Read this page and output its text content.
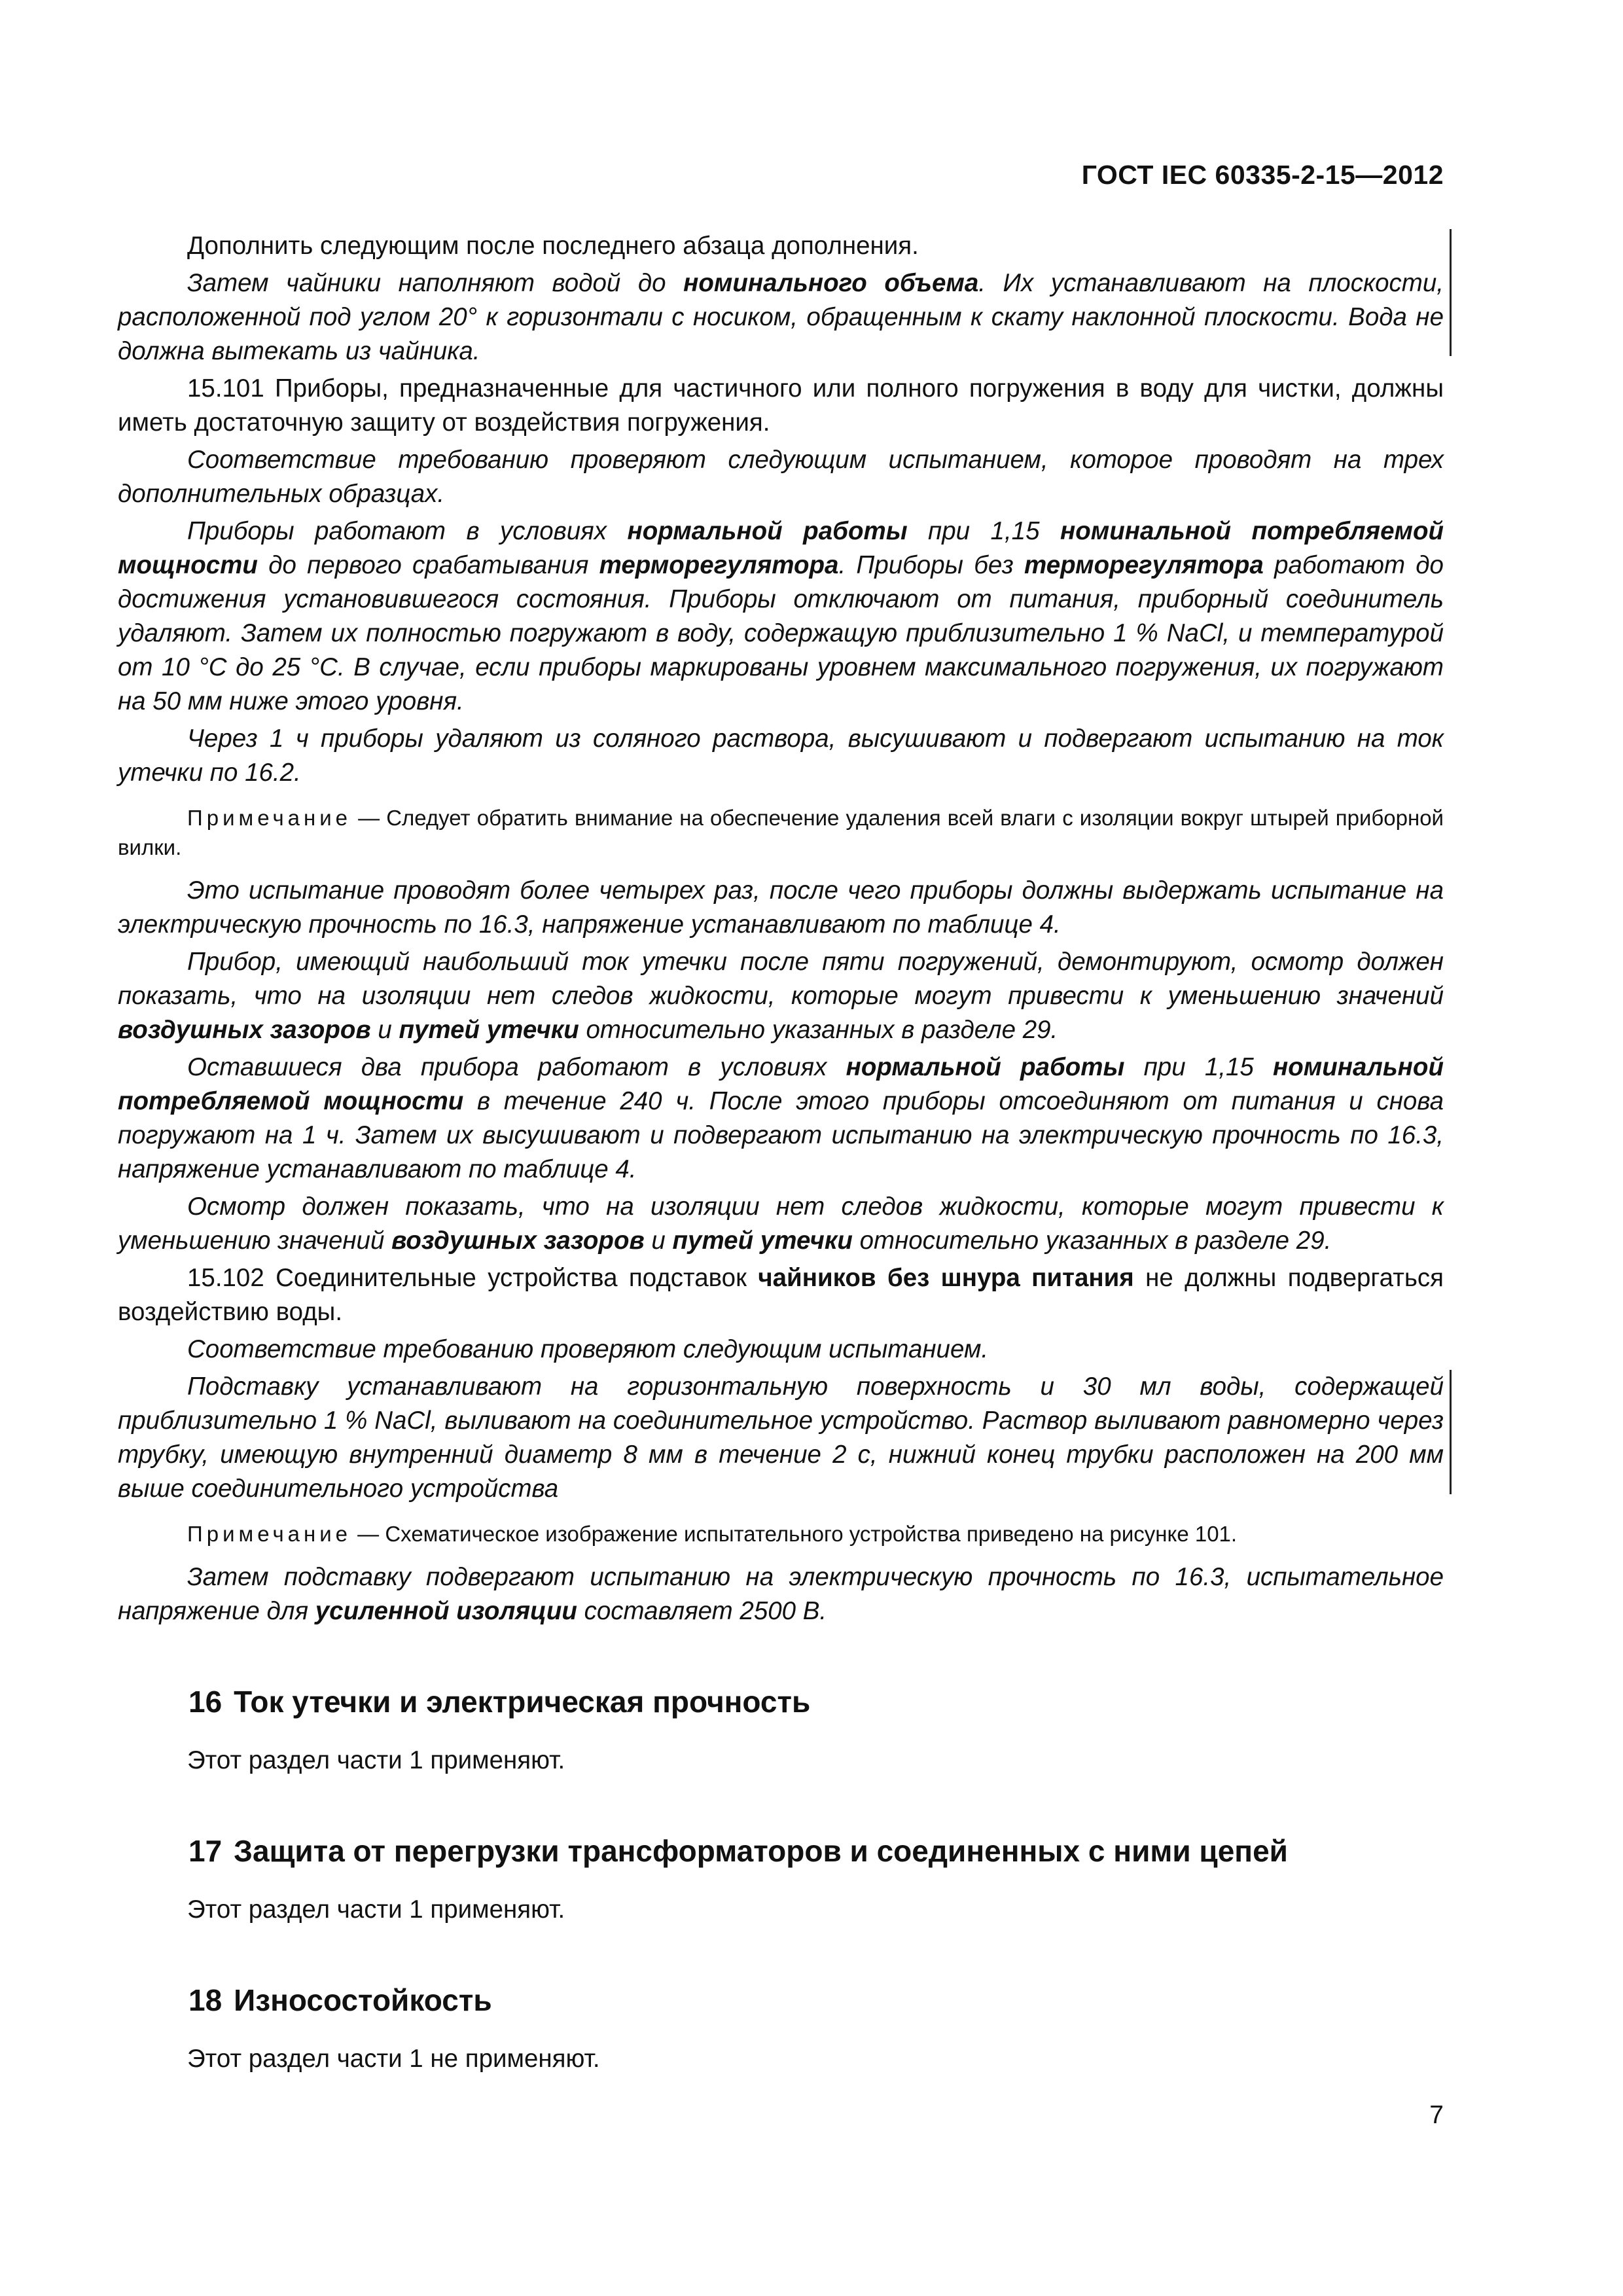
ГОСТ IEC 60335-2-15—2012

Дополнить следующим после последнего абзаца дополнения.

Затем чайники наполняют водой до номинального объема. Их устанавливают на плоскости, расположенной под углом 20° к горизонтали с носиком, обращенным к скату наклонной плоскости. Вода не должна вытекать из чайника.

15.101 Приборы, предназначенные для частичного или полного погружения в воду для чистки, должны иметь достаточную защиту от воздействия погружения.

Соответствие требованию проверяют следующим испытанием, которое проводят на трех дополнительных образцах.

Приборы работают в условиях нормальной работы при 1,15 номинальной потребляемой мощности до первого срабатывания терморегулятора. Приборы без терморегулятора работают до достижения установившегося состояния. Приборы отключают от питания, приборный соединитель удаляют. Затем их полностью погружают в воду, содержащую приблизительно 1 % NaCl, и температурой от 10 °С до 25 °С. В случае, если приборы маркированы уровнем максимального погружения, их погружают на 50 мм ниже этого уровня.

Через 1 ч приборы удаляют из соляного раствора, высушивают и подвергают испытанию на ток утечки по 16.2.

Примечание — Следует обратить внимание на обеспечение удаления всей влаги с изоляции вокруг штырей приборной вилки.

Это испытание проводят более четырех раз, после чего приборы должны выдержать испытание на электрическую прочность по 16.3, напряжение устанавливают по таблице 4.

Прибор, имеющий наибольший ток утечки после пяти погружений, демонтируют, осмотр должен показать, что на изоляции нет следов жидкости, которые могут привести к уменьшению значений воздушных зазоров и путей утечки относительно указанных в разделе 29.

Оставшиеся два прибора работают в условиях нормальной работы при 1,15 номинальной потребляемой мощности в течение 240 ч. После этого приборы отсоединяют от питания и снова погружают на 1 ч. Затем их высушивают и подвергают испытанию на электрическую прочность по 16.3, напряжение устанавливают по таблице 4.

Осмотр должен показать, что на изоляции нет следов жидкости, которые могут привести к уменьшению значений воздушных зазоров и путей утечки относительно указанных в разделе 29.

15.102 Соединительные устройства подставок чайников без шнура питания не должны подвергаться воздействию воды.

Соответствие требованию проверяют следующим испытанием.

Подставку устанавливают на горизонтальную поверхность и 30 мл воды, содержащей приблизительно 1 % NaCl, выливают на соединительное устройство. Раствор выливают равномерно через трубку, имеющую внутренний диаметр 8 мм в течение 2 с, нижний конец трубки расположен на 200 мм выше соединительного устройства

Примечание — Схематическое изображение испытательного устройства приведено на рисунке 101.

Затем подставку подвергают испытанию на электрическую прочность по 16.3, испытательное напряжение для усиленной изоляции составляет 2500 В.

16 Ток утечки и электрическая прочность

Этот раздел части 1 применяют.

17 Защита от перегрузки трансформаторов и соединенных с ними цепей

Этот раздел части 1 применяют.

18 Износостойкость

Этот раздел части 1 не применяют.

7
